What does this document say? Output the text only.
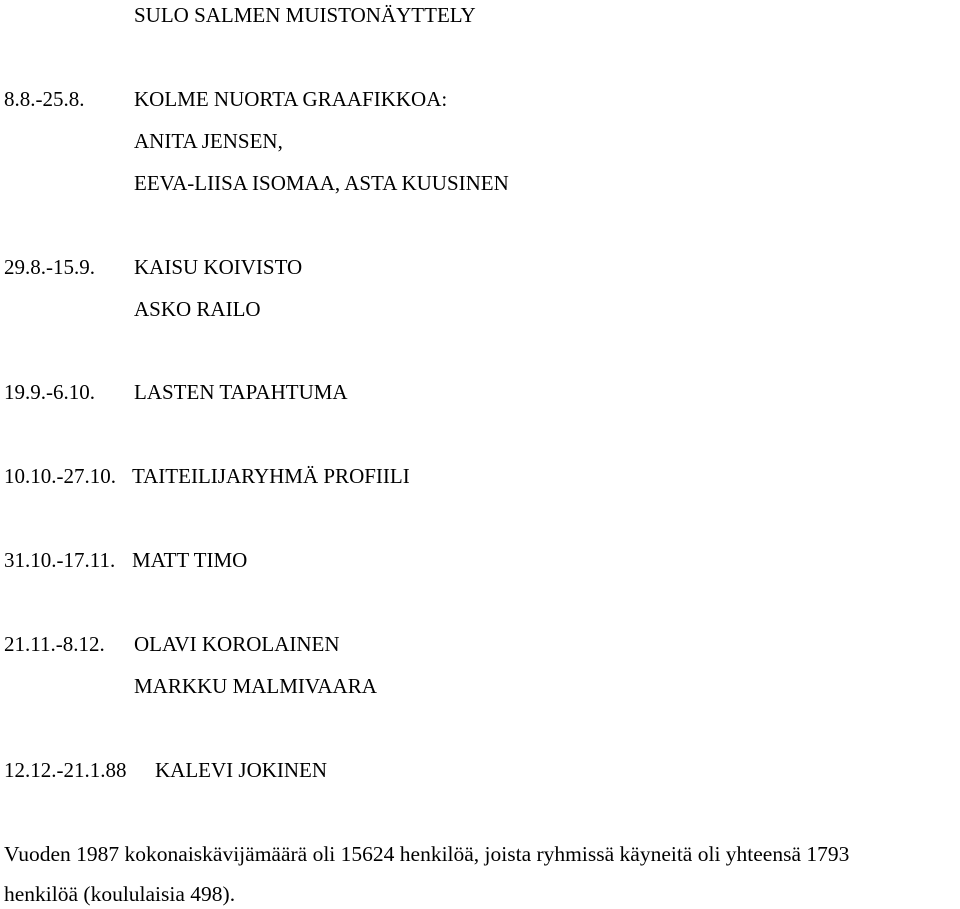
SULO SALMEN MUISTONÄYTTELY
8.8.-25.8. KOLME NUORTA GRAAFIKKOA:
ANITA JENSEN,
EEVA-LIISA ISOMAA, ASTA KUUSINEN
29.8.-15.9. KAISU KOIVISTO
ASKO RAILO
19.9.-6.10. LASTEN TAPAHTUMA
10.10.-27.10. TAITEILIJARYHMÄ PROFIILI
31.10.-17.11. MATT TIMO
21.11.-8.12. OLAVI KOROLAINEN
MARKKU MALMIVAARA
12.12.-21.1.88 KALEVI JOKINEN
Vuoden 1987 kokonaiskävijämäärä oli 15624 henkilöä, joista ryhmissä käyneitä oli yhteensä 1793
henkilöä (koululaisia 498).
